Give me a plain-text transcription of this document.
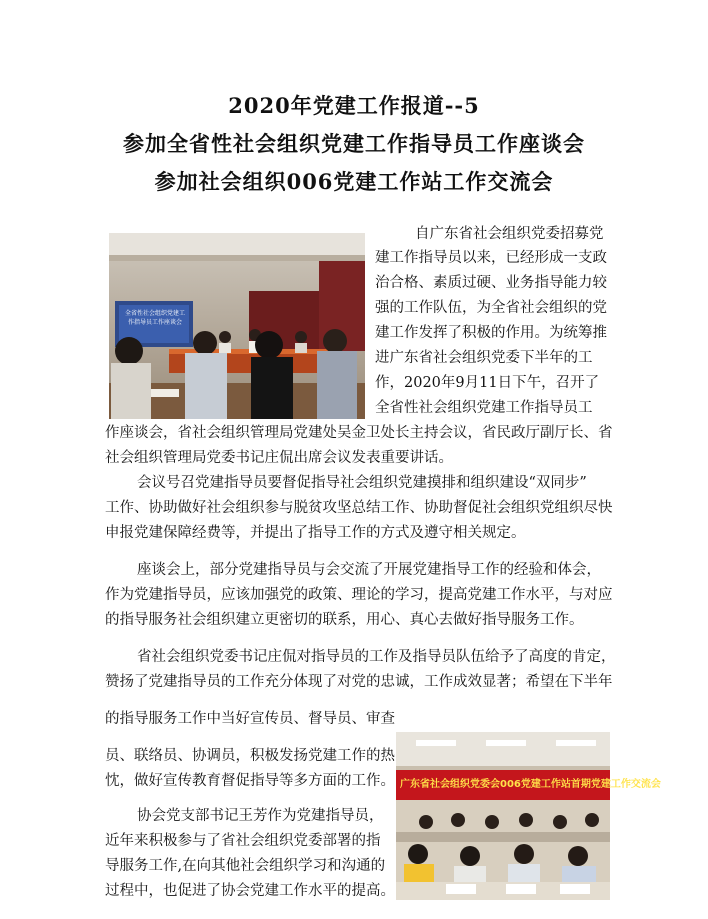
2020年党建工作报道--5
参加全省性社会组织党建工作指导员工作座谈会
参加社会组织006党建工作站工作交流会
全省性社会组织党建工作指导员工作座谈会
广东省社会组织党委会006党建工作站首期党建工作交流会

自广东省社会组织党委招募党

建工作指导员以来，已经形成一支政

治合格、素质过硬、业务指导能力较

强的工作队伍，为全省社会组织的党

建工作发挥了积极的作用。为统筹推

进广东省社会组织党委下半年的工

作，2020年9月11日下午，召开了

全省性社会组织党建工作指导员工

作座谈会，省社会组织管理局党建处吴金卫处长主持会议，省民政厅副厅长、省

社会组织管理局党委书记庄侃出席会议发表重要讲话。

会议号召党建指导员要督促指导社会组织党建摸排和组织建设“双同步”

工作、协助做好社会组织参与脱贫攻坚总结工作、协助督促社会组织党组织尽快

申报党建保障经费等，并提出了指导工作的方式及遵守相关规定。

座谈会上，部分党建指导员与会交流了开展党建指导工作的经验和体会，

作为党建指导员，应该加强党的政策、理论的学习，提高党建工作水平，与对应

的指导服务社会组织建立更密切的联系，用心、真心去做好指导服务工作。

省社会组织党委书记庄侃对指导员的工作及指导员队伍给予了高度的肯定，

赞扬了党建指导员的工作充分体现了对党的忠诚，工作成效显著；希望在下半年

的指导服务工作中当好宣传员、督导员、审查

员、联络员、协调员，积极发扬党建工作的热

忱，做好宣传教育督促指导等多方面的工作。

协会党支部书记王芳作为党建指导员，

近年来积极参与了省社会组织党委部署的指

导服务工作,在向其他社会组织学习和沟通的

过程中，也促进了协会党建工作水平的提高。
